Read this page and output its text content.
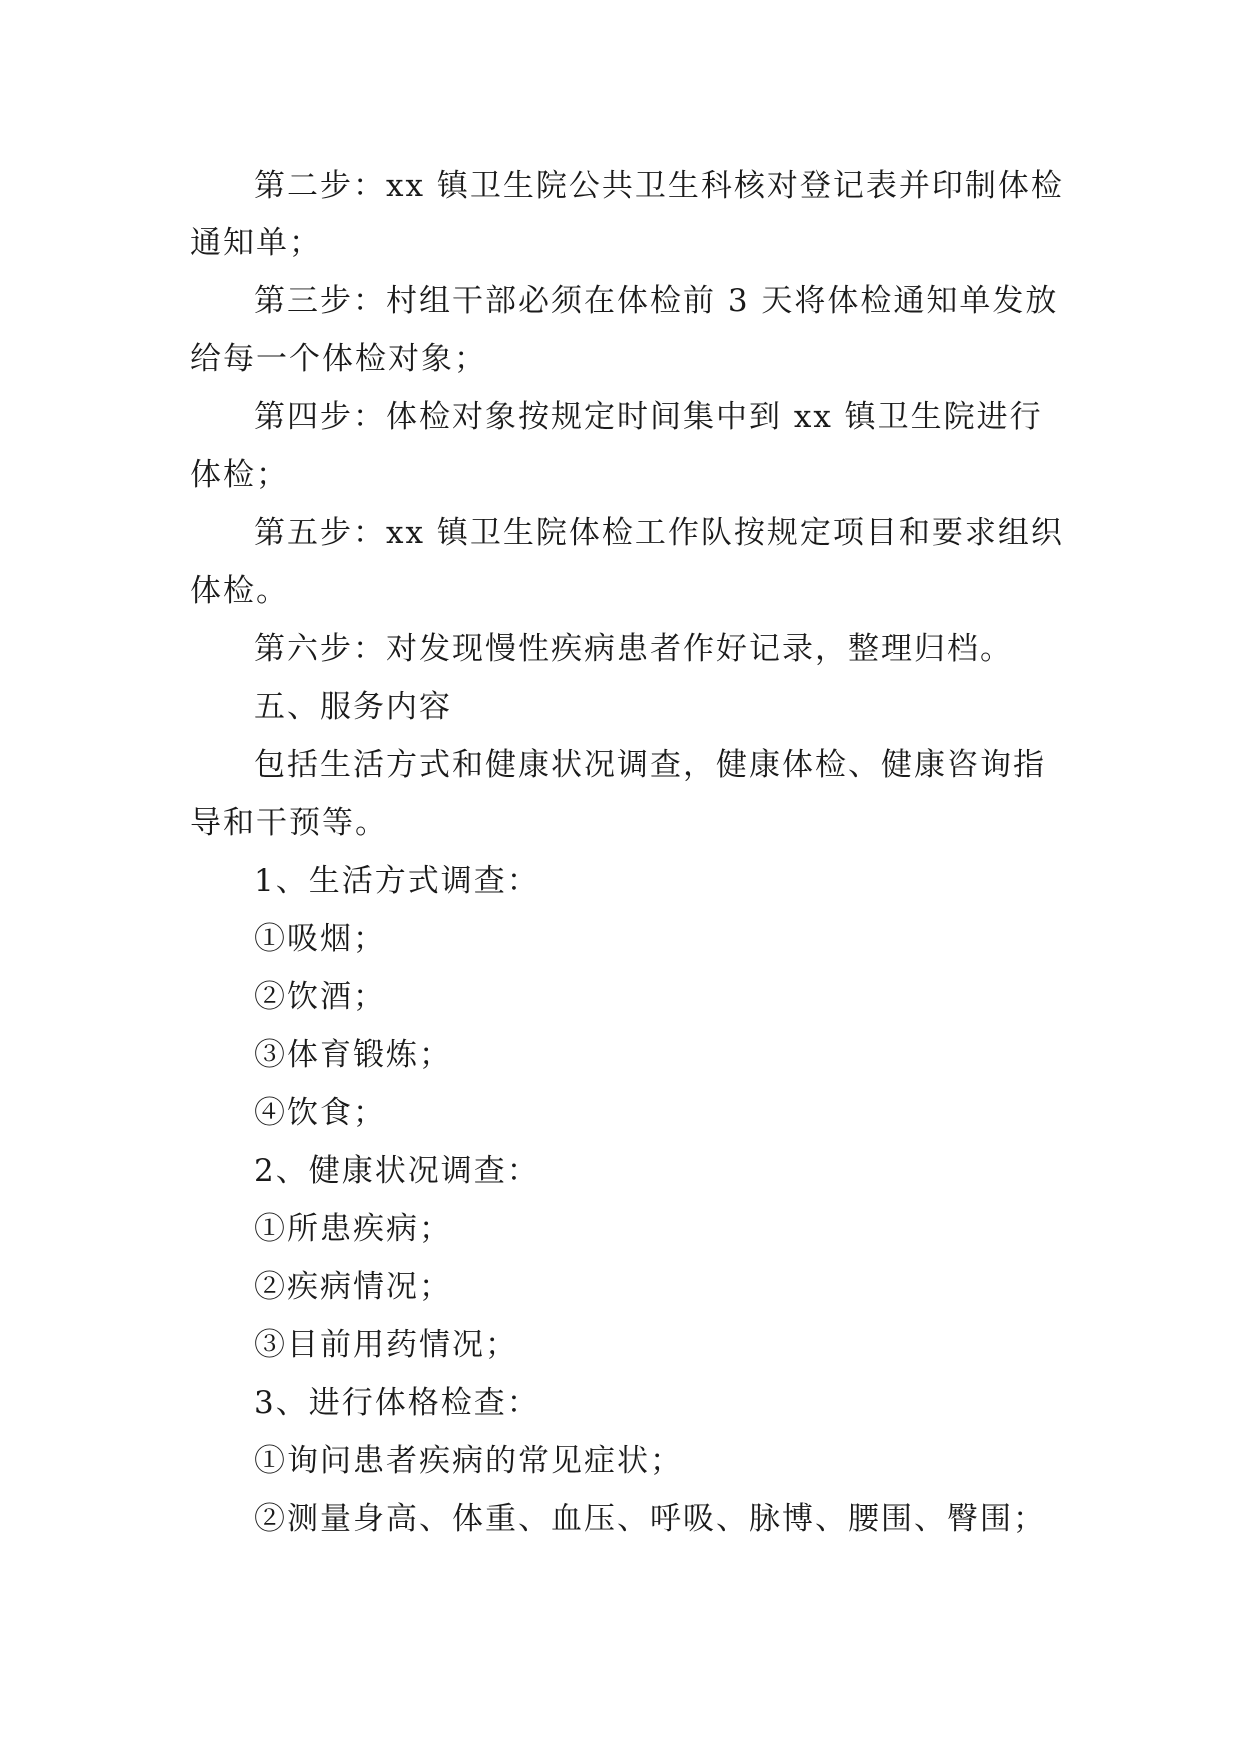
第二步：xx 镇卫生院公共卫生科核对登记表并印制体检
通知单；
第三步：村组干部必须在体检前 3 天将体检通知单发放
给每一个体检对象；
第四步：体检对象按规定时间集中到 xx 镇卫生院进行
体检；
第五步：xx 镇卫生院体检工作队按规定项目和要求组织
体检。
第六步：对发现慢性疾病患者作好记录，整理归档。
五、服务内容
包括生活方式和健康状况调查，健康体检、健康咨询指
导和干预等。
1、生活方式调查：
①吸烟；
②饮酒；
③体育锻炼；
④饮食；
2、健康状况调查：
①所患疾病；
②疾病情况；
③目前用药情况；
3、进行体格检查：
①询问患者疾病的常见症状；
②测量身高、体重、血压、呼吸、脉博、腰围、臀围；
